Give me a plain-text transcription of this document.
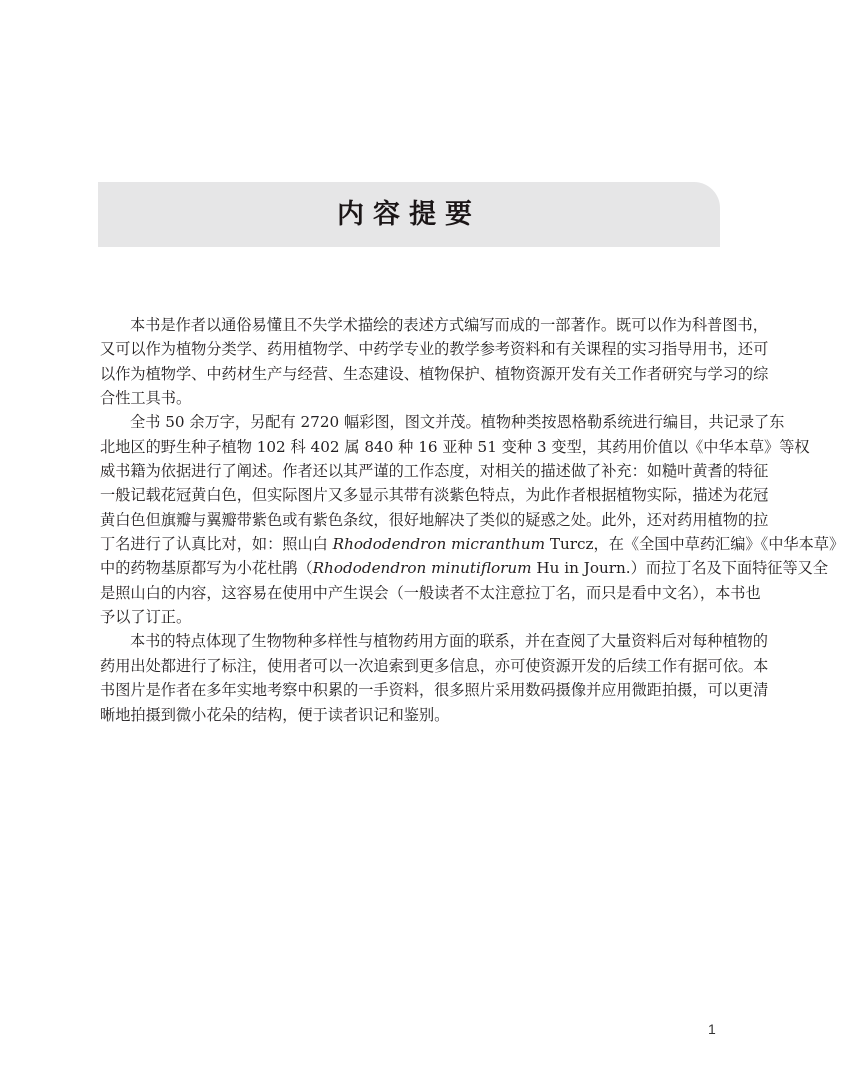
内容提要
本书是作者以通俗易懂且不失学术描绘的表述方式编写而成的一部著作。既可以作为科普图书，
又可以作为植物分类学、药用植物学、中药学专业的教学参考资料和有关课程的实习指导用书，还可
以作为植物学、中药材生产与经营、生态建设、植物保护、植物资源开发有关工作者研究与学习的综
合性工具书。
全书 50 余万字，另配有 2720 幅彩图，图文并茂。植物种类按恩格勒系统进行编目，共记录了东
北地区的野生种子植物 102 科 402 属 840 种 16 亚种 51 变种 3 变型，其药用价值以《中华本草》等权
威书籍为依据进行了阐述。作者还以其严谨的工作态度，对相关的描述做了补充：如糙叶黄耆的特征
一般记载花冠黄白色，但实际图片又多显示其带有淡紫色特点，为此作者根据植物实际，描述为花冠
黄白色但旗瓣与翼瓣带紫色或有紫色条纹，很好地解决了类似的疑惑之处。此外，还对药用植物的拉
丁名进行了认真比对，如：照山白 Rhododendron micranthum Turcz，在《全国中草药汇编》《中华本草》
中的药物基原都写为小花杜鹃（Rhododendron minutiflorum Hu in Journ.）而拉丁名及下面特征等又全
是照山白的内容，这容易在使用中产生误会（一般读者不太注意拉丁名，而只是看中文名），本书也
予以了订正。
本书的特点体现了生物物种多样性与植物药用方面的联系，并在查阅了大量资料后对每种植物的
药用出处都进行了标注，使用者可以一次追索到更多信息，亦可使资源开发的后续工作有据可依。本
书图片是作者在多年实地考察中积累的一手资料，很多照片采用数码摄像并应用微距拍摄，可以更清
晰地拍摄到微小花朵的结构，便于读者识记和鉴别。
1
